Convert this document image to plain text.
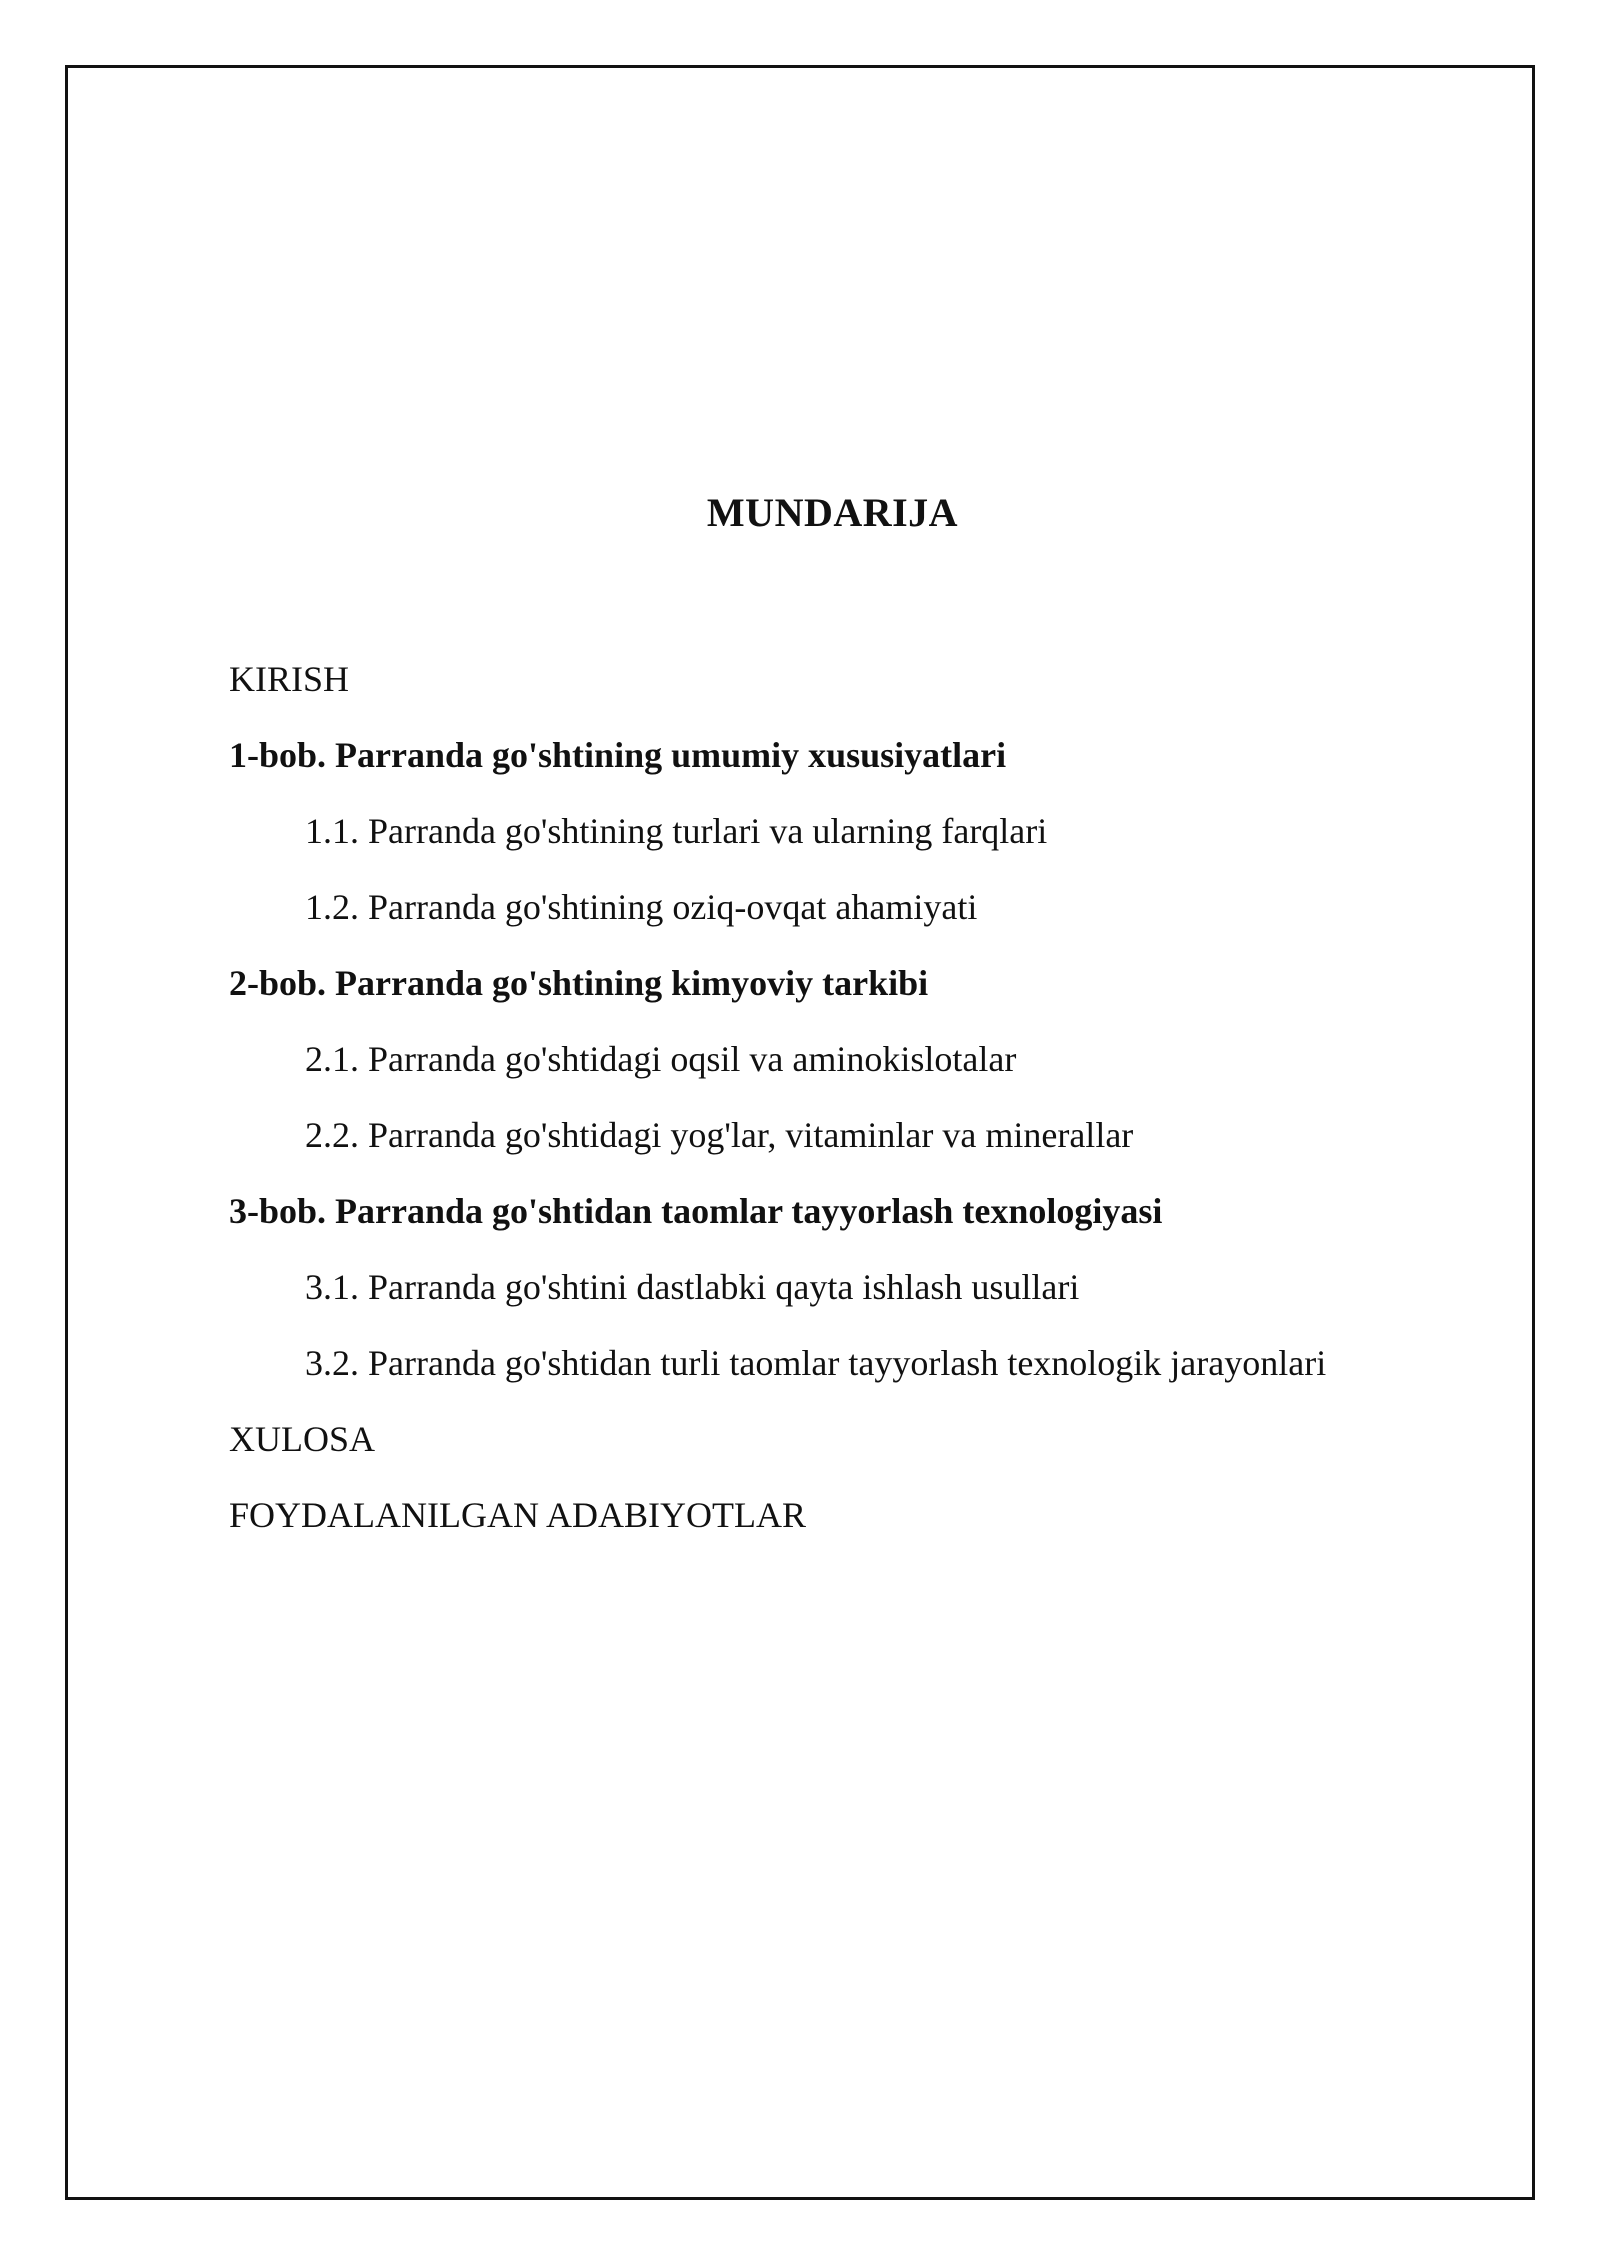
MUNDARIJA
KIRISH
1-bob. Parranda go'shtining umumiy xususiyatlari
1.1. Parranda go'shtining turlari va ularning farqlari
1.2. Parranda go'shtining oziq-ovqat ahamiyati
2-bob. Parranda go'shtining kimyoviy tarkibi
2.1. Parranda go'shtidagi oqsil va aminokislotalar
2.2. Parranda go'shtidagi yog'lar, vitaminlar va minerallar
3-bob. Parranda go'shtidan taomlar tayyorlash texnologiyasi
3.1. Parranda go'shtini dastlabki qayta ishlash usullari
3.2. Parranda go'shtidan turli taomlar tayyorlash texnologik jarayonlari
XULOSA
FOYDALANILGAN ADABIYOTLAR
